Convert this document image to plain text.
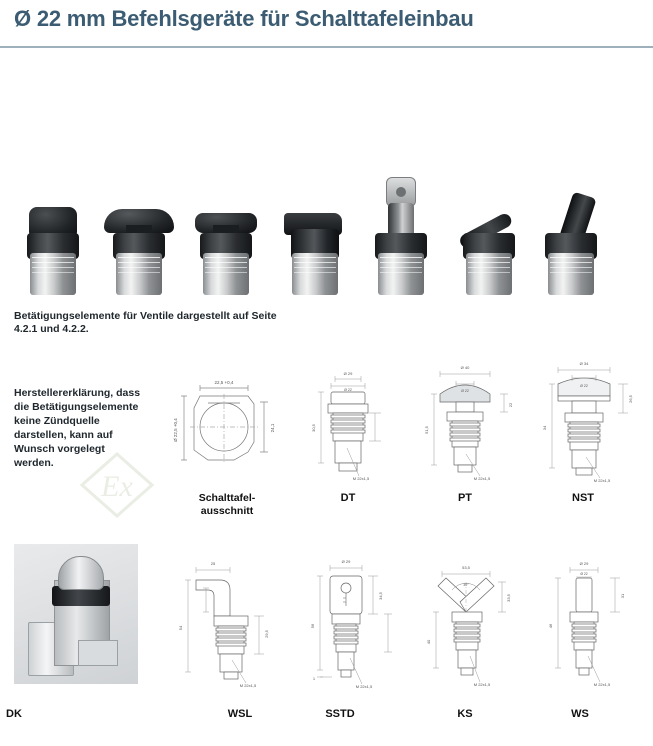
Ø 22 mm Befehlsgeräte für Schalttafeleinbau
Betätigungselemente für Ventile dargestellt auf Seite 4.2.1 und 4.2.2.
Herstellererklärung, dass die Betätigungselemente keine Zündquelle darstellen, kann auf Wunsch vorgelegt werden.
Ex
22,5 +0,4
Ø 22,5 +0,4	24,1
Schalttafel-
ausschnitt
Ø 29
Ø 22
30,5
M 22x1,5
DT
Ø 40
Ø 22
22
51,5
M 22x1,5
PT
Ø 34
Ø 22
26,5
34
M 22x1,5
NST
DK
25
29,5
54
M 22x1,5
WSL
Ø 29
34,5
56
1
M 22x1,5
SSTD
53,5
30°
33,5
40
M 22x1,5
KS
Ø 29
Ø 22
31
46
M 22x1,5
WS
